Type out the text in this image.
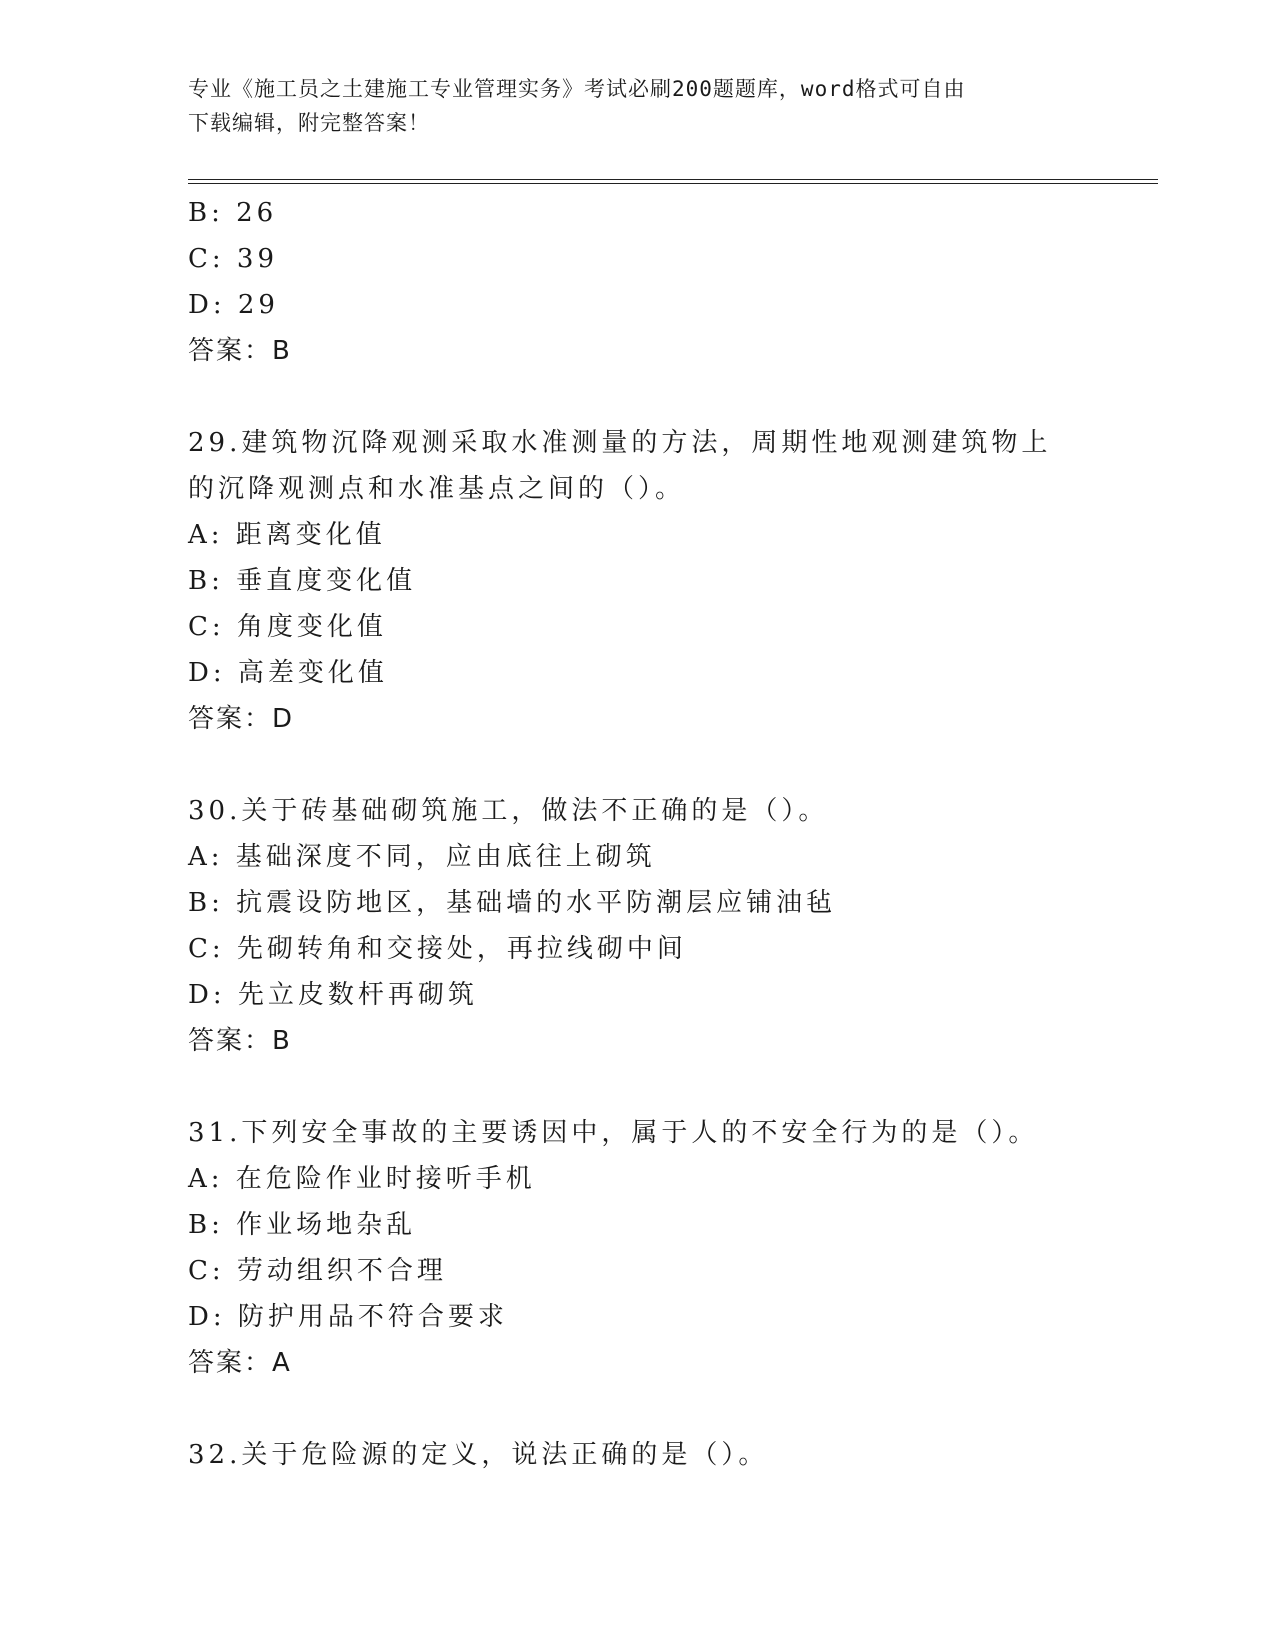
专业《施工员之土建施工专业管理实务》考试必刷200题题库，word格式可自由
下载编辑，附完整答案！
B: 26
C: 39
D: 29
答案：B
29.建筑物沉降观测采取水准测量的方法，周期性地观测建筑物上的沉降观测点和水准基点之间的（）。
A: 距离变化值
B: 垂直度变化值
C: 角度变化值
D: 高差变化值
答案：D
30.关于砖基础砌筑施工，做法不正确的是（）。
A: 基础深度不同，应由底往上砌筑
B: 抗震设防地区，基础墙的水平防潮层应铺油毡
C: 先砌转角和交接处，再拉线砌中间
D: 先立皮数杆再砌筑
答案：B
31.下列安全事故的主要诱因中，属于人的不安全行为的是（）。
A: 在危险作业时接听手机
B: 作业场地杂乱
C: 劳动组织不合理
D: 防护用品不符合要求
答案：A
32.关于危险源的定义，说法正确的是（）。
